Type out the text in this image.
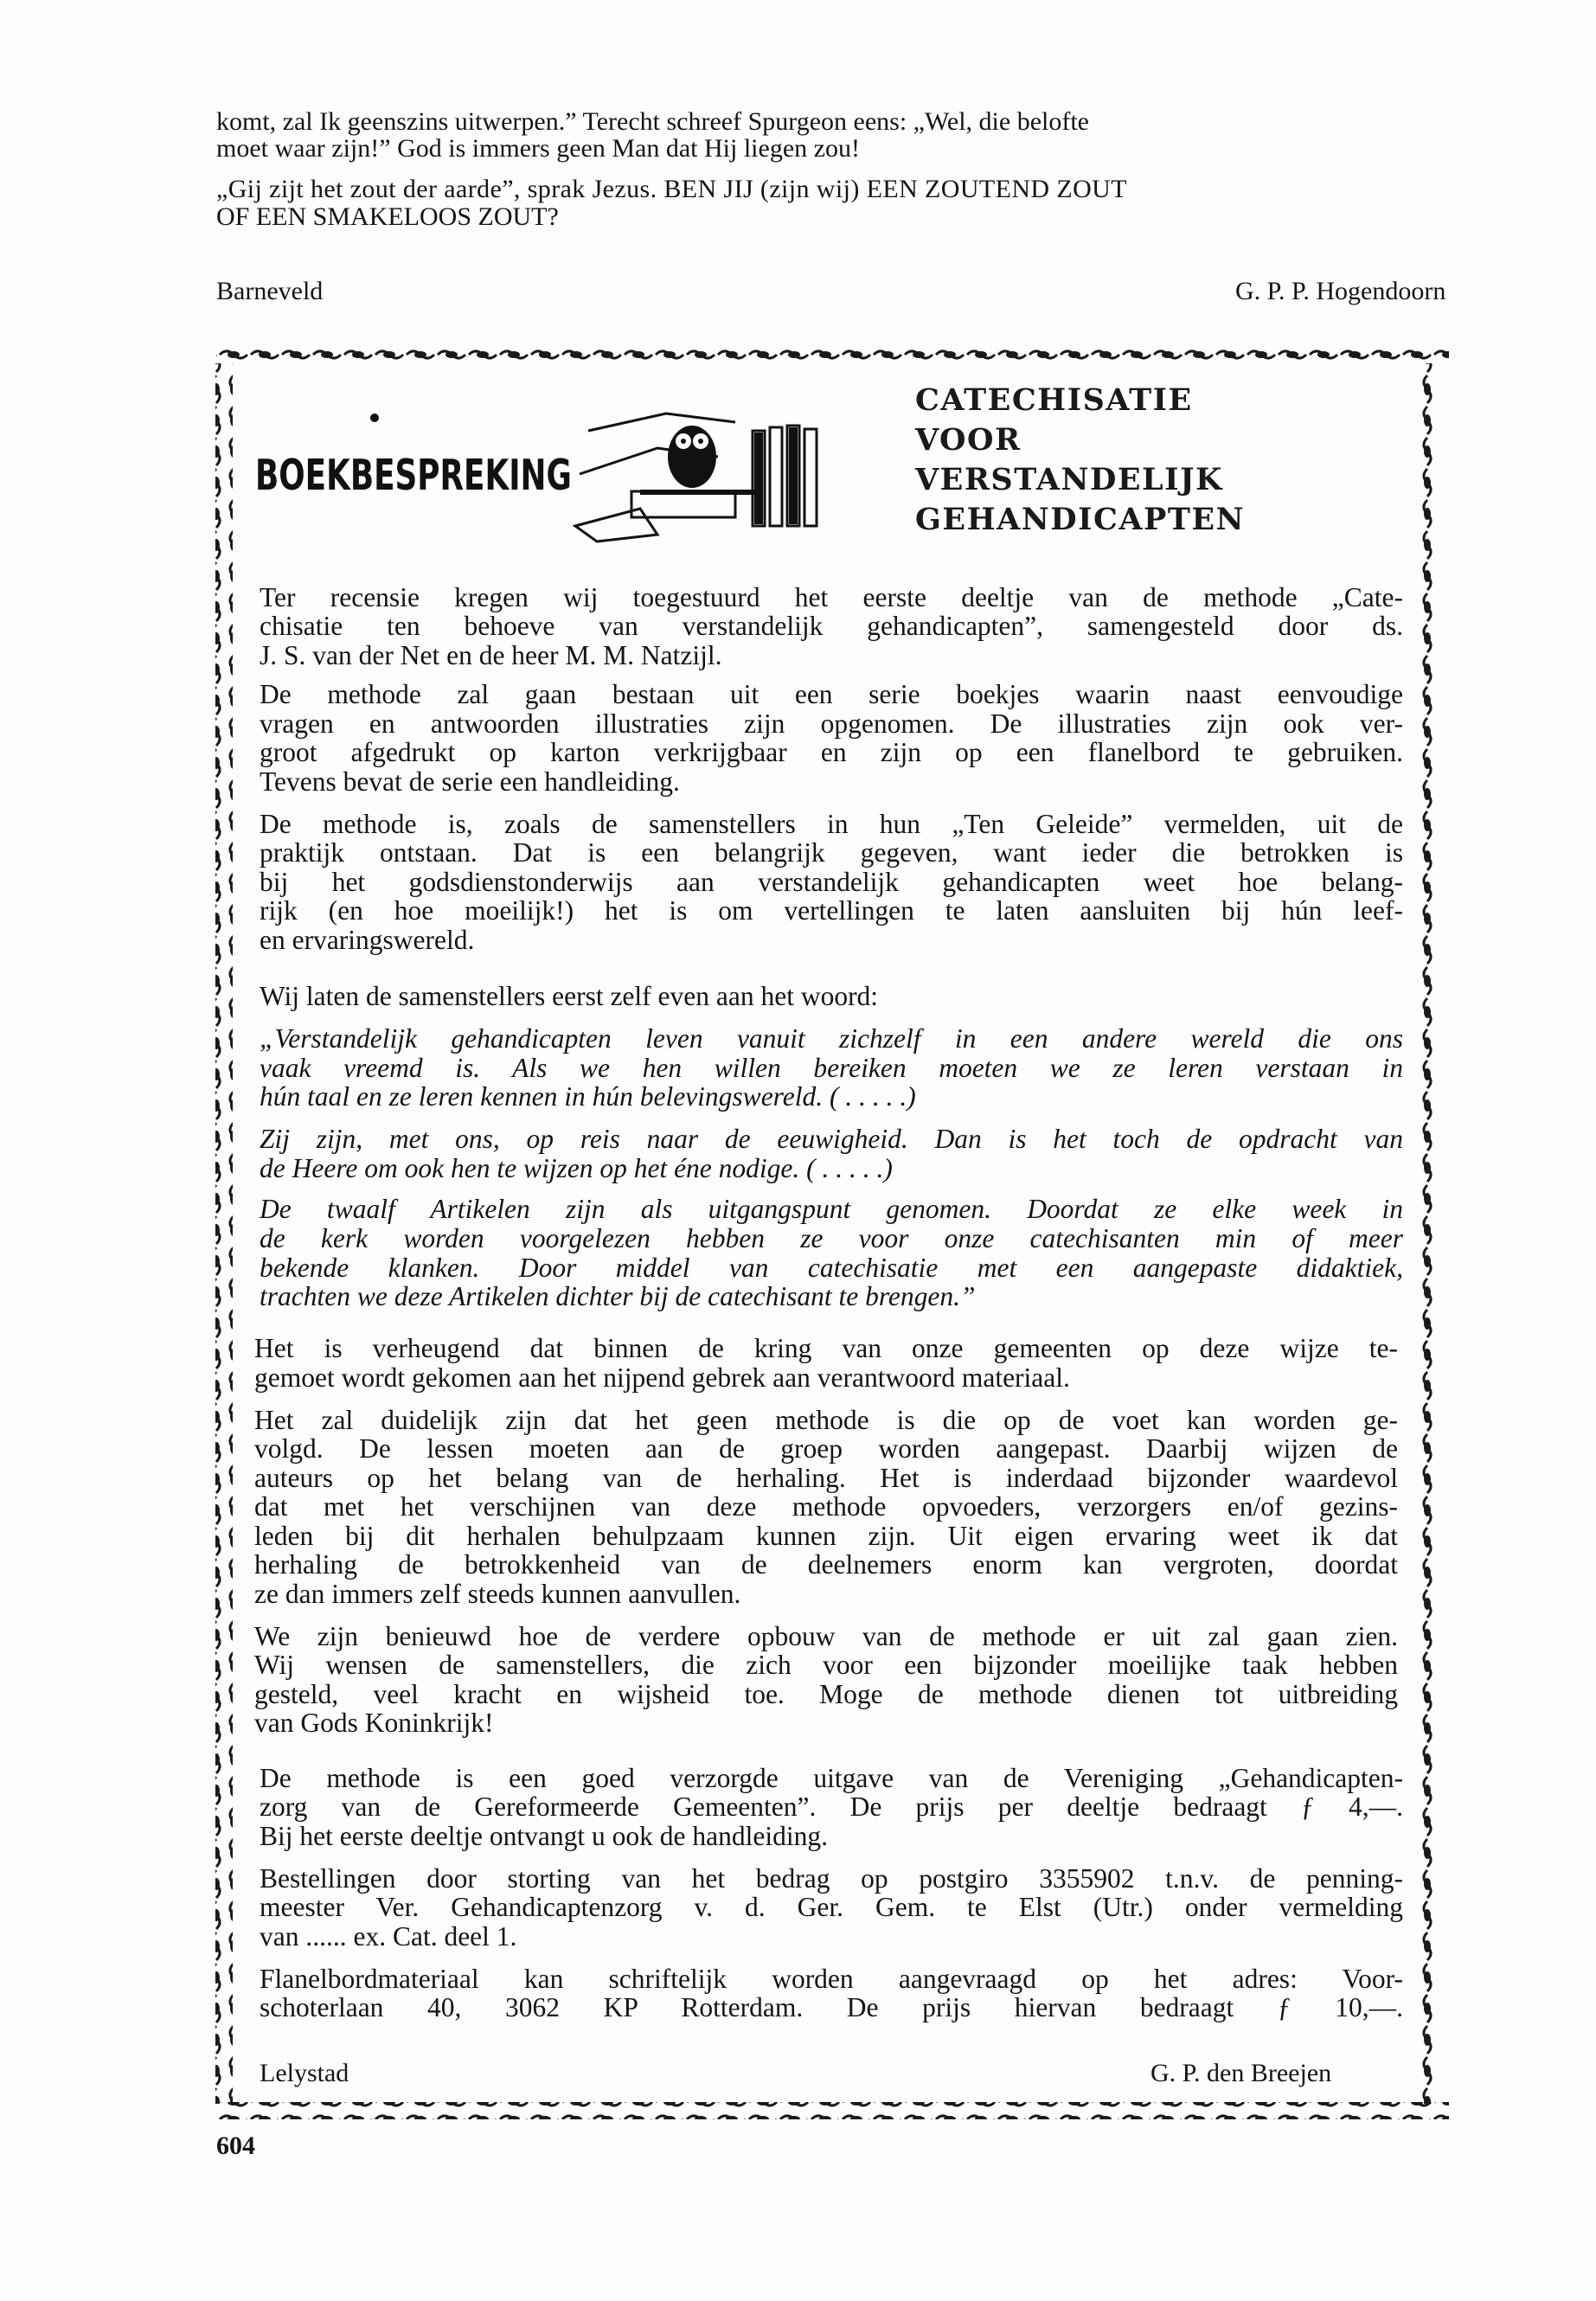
komt, zal Ik geenszins uitwerpen.” Terecht schreef Spurgeon eens: „Wel, die belofte
moet waar zijn!” God is immers geen Man dat Hij liegen zou!
„Gij zijt het zout der aarde”, sprak Jezus. BEN JIJ (zijn wij) EEN ZOUTEND ZOUT
OF EEN SMAKELOOS ZOUT?
Barneveld	G. P. P. Hogendoorn
BOEKBESPREKING
CATECHISATIE
VOOR
VERSTANDELIJK
GEHANDICAPTEN
Ter recensie kregen wij toegestuurd het eerste deeltje van de methode „Cate-
chisatie ten behoeve van verstandelijk gehandicapten”, samengesteld door ds.
J. S. van der Net en de heer M. M. Natzijl.
De methode zal gaan bestaan uit een serie boekjes waarin naast eenvoudige
vragen en antwoorden illustraties zijn opgenomen. De illustraties zijn ook ver-
groot afgedrukt op karton verkrijgbaar en zijn op een flanelbord te gebruiken.
Tevens bevat de serie een handleiding.
De methode is, zoals de samenstellers in hun „Ten Geleide” vermelden, uit de
praktijk ontstaan. Dat is een belangrijk gegeven, want ieder die betrokken is
bij het godsdienstonderwijs aan verstandelijk gehandicapten weet hoe belang-
rijk (en hoe moeilijk!) het is om vertellingen te laten aansluiten bij hún leef-
en ervaringswereld.
Wij laten de samenstellers eerst zelf even aan het woord:
„Verstandelijk gehandicapten leven vanuit zichzelf in een andere wereld die ons
vaak vreemd is. Als we hen willen bereiken moeten we ze leren verstaan in
hún taal en ze leren kennen in hún belevingswereld. ( . . . . .)
Zij zijn, met ons, op reis naar de eeuwigheid. Dan is het toch de opdracht van
de Heere om ook hen te wijzen op het éne nodige. ( . . . . .)
De twaalf Artikelen zijn als uitgangspunt genomen. Doordat ze elke week in
de kerk worden voorgelezen hebben ze voor onze catechisanten min of meer
bekende klanken. Door middel van catechisatie met een aangepaste didaktiek,
trachten we deze Artikelen dichter bij de catechisant te brengen.”
Het is verheugend dat binnen de kring van onze gemeenten op deze wijze te-
gemoet wordt gekomen aan het nijpend gebrek aan verantwoord materiaal.
Het zal duidelijk zijn dat het geen methode is die op de voet kan worden ge-
volgd. De lessen moeten aan de groep worden aangepast. Daarbij wijzen de
auteurs op het belang van de herhaling. Het is inderdaad bijzonder waardevol
dat met het verschijnen van deze methode opvoeders, verzorgers en/of gezins-
leden bij dit herhalen behulpzaam kunnen zijn. Uit eigen ervaring weet ik dat
herhaling de betrokkenheid van de deelnemers enorm kan vergroten, doordat
ze dan immers zelf steeds kunnen aanvullen.
We zijn benieuwd hoe de verdere opbouw van de methode er uit zal gaan zien.
Wij wensen de samenstellers, die zich voor een bijzonder moeilijke taak hebben
gesteld, veel kracht en wijsheid toe. Moge de methode dienen tot uitbreiding
van Gods Koninkrijk!
De methode is een goed verzorgde uitgave van de Vereniging „Gehandicapten-
zorg van de Gereformeerde Gemeenten”. De prijs per deeltje bedraagt ƒ 4,—.
Bij het eerste deeltje ontvangt u ook de handleiding.
Bestellingen door storting van het bedrag op postgiro 3355902 t.n.v. de penning-
meester Ver. Gehandicaptenzorg v. d. Ger. Gem. te Elst (Utr.) onder vermelding
van ...... ex. Cat. deel 1.
Flanelbordmateriaal kan schriftelijk worden aangevraagd op het adres: Voor-
schoterlaan 40, 3062 KP Rotterdam. De prijs hiervan bedraagt ƒ 10,—.
Lelystad	G. P. den Breejen
604
